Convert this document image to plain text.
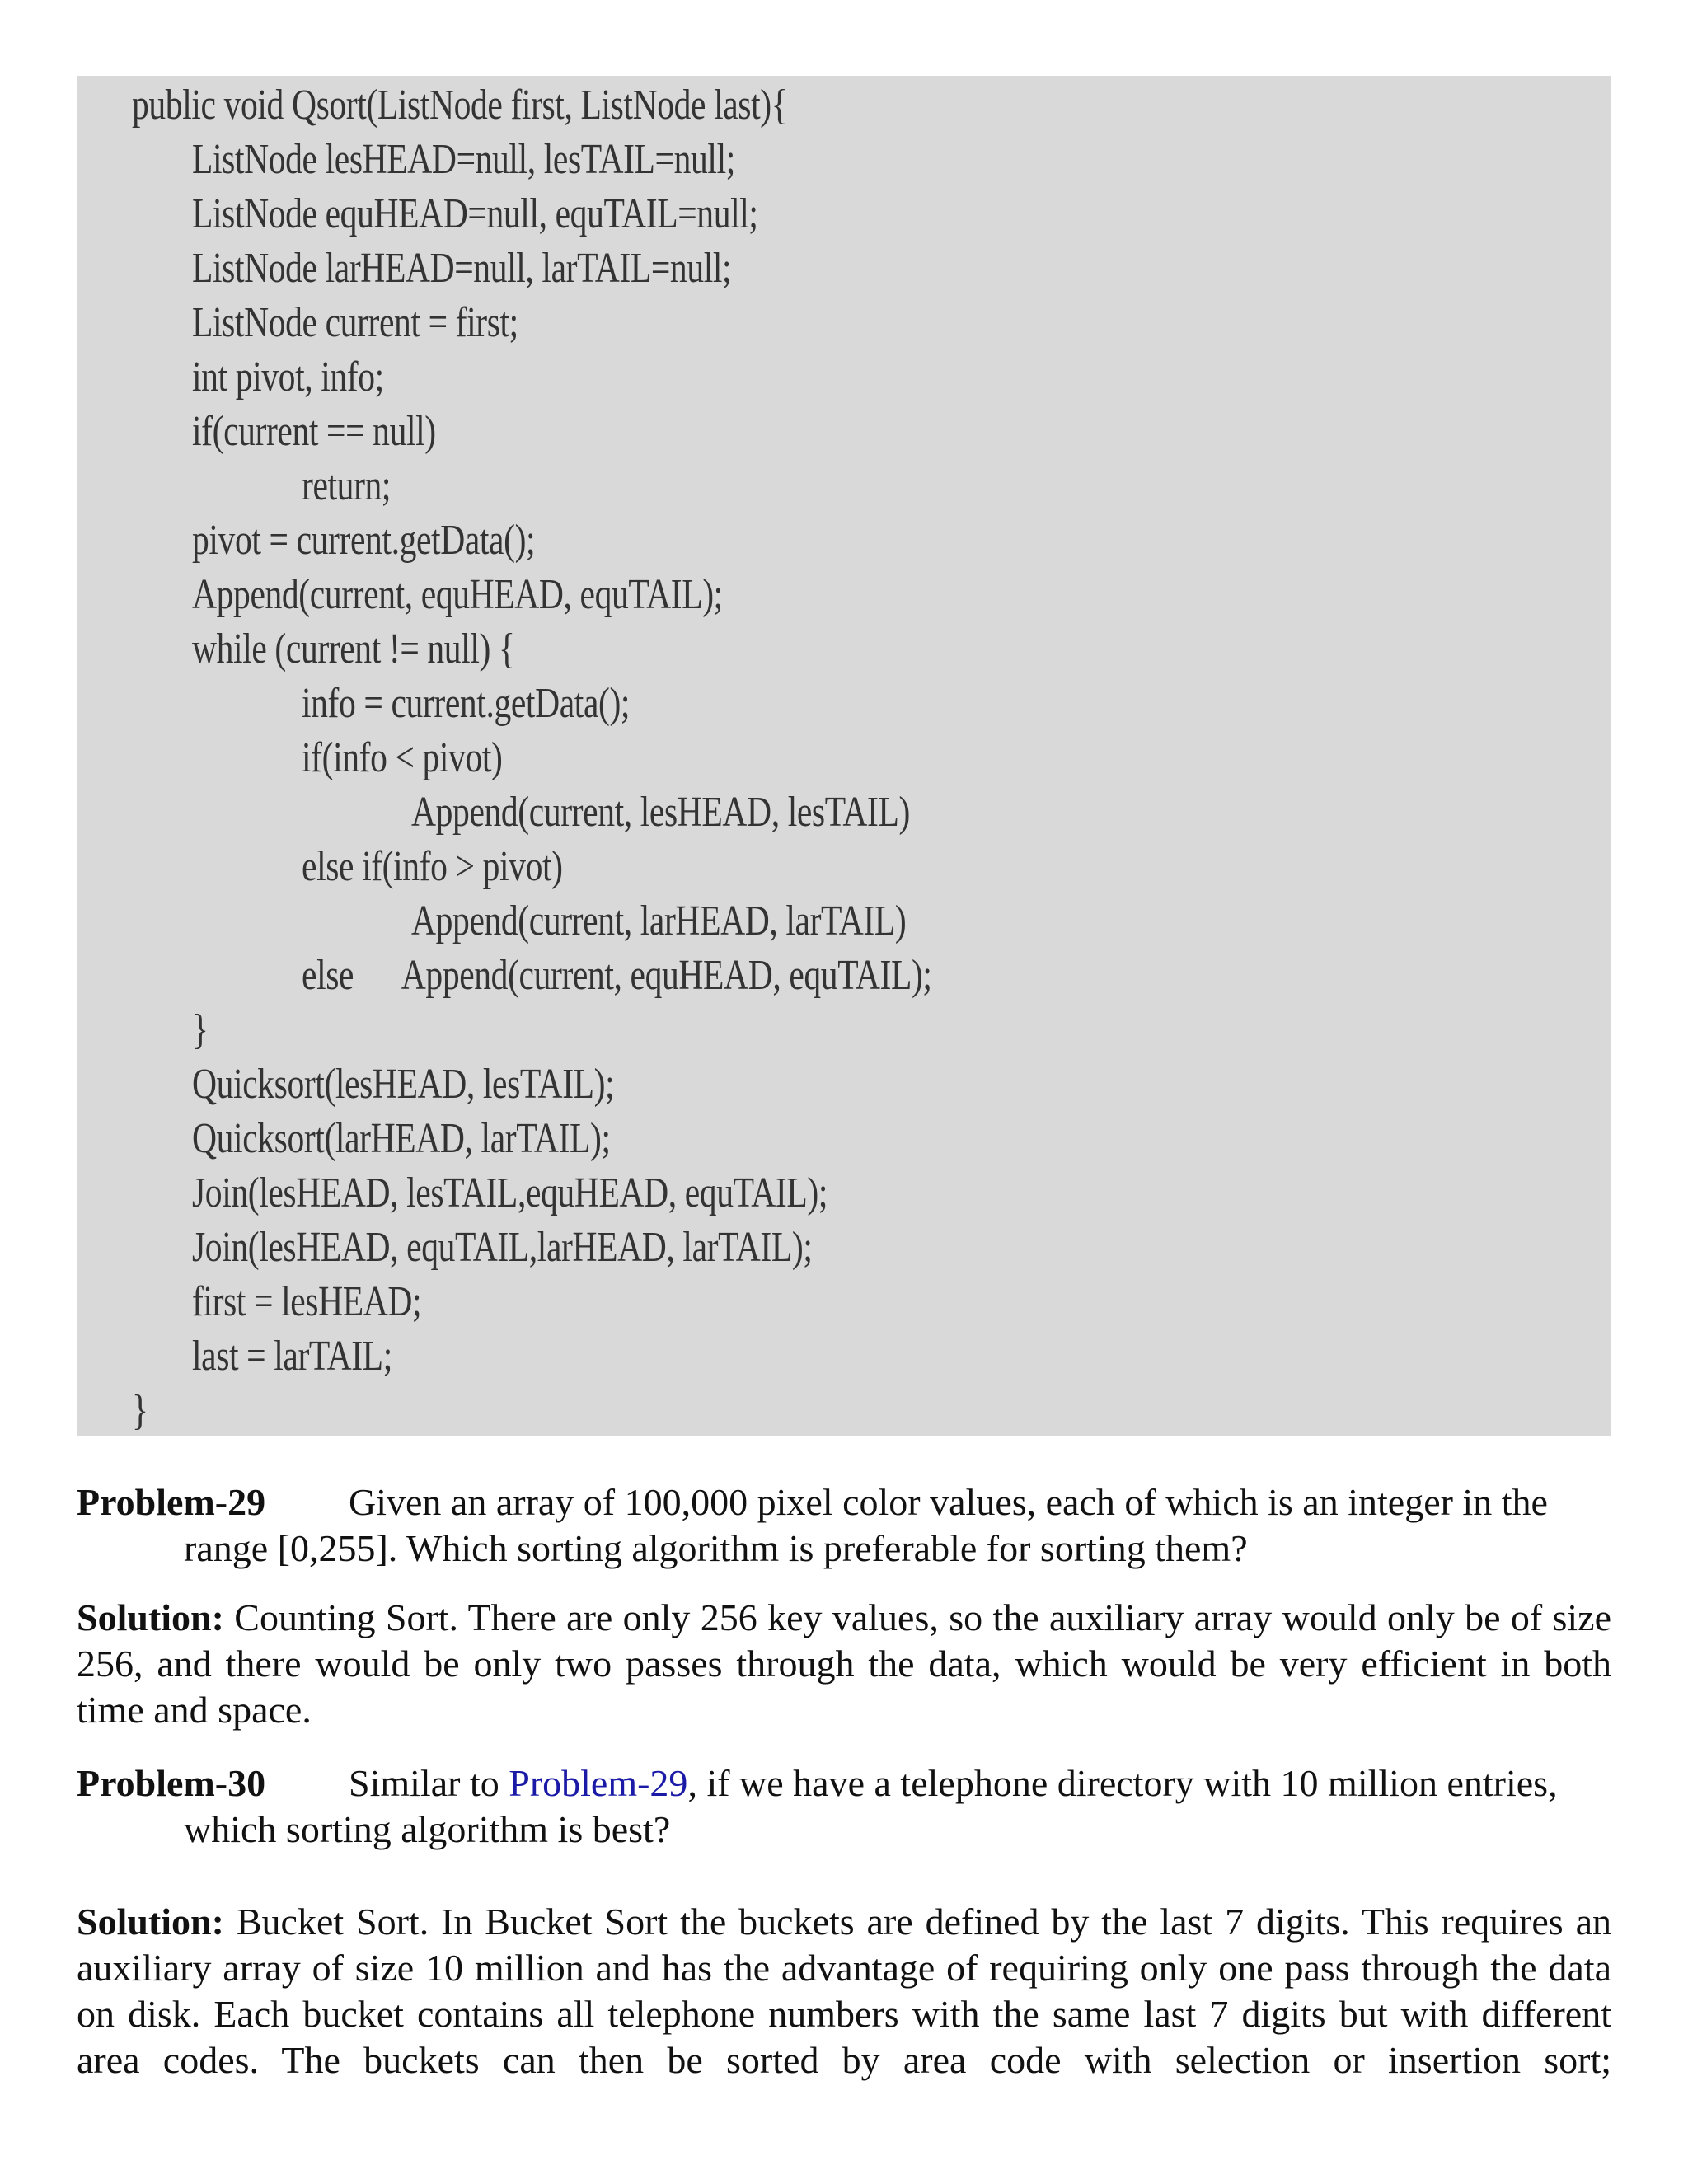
public void Qsort(ListNode first, ListNode last){
ListNode lesHEAD=null, lesTAIL=null;
ListNode equHEAD=null, equTAIL=null;
ListNode larHEAD=null, larTAIL=null;
ListNode current = first;
int pivot, info;
if(current == null)
return;
pivot = current.getData();
Append(current, equHEAD, equTAIL);
while (current != null) {
info = current.getData();
if(info < pivot)
Append(current, lesHEAD, lesTAIL)
else if(info > pivot)
Append(current, larHEAD, larTAIL)
else      Append(current, equHEAD, equTAIL);
}
Quicksort(lesHEAD, lesTAIL);
Quicksort(larHEAD, larTAIL);
Join(lesHEAD, lesTAIL,equHEAD, equTAIL);
Join(lesHEAD, equTAIL,larHEAD, larTAIL);
first = lesHEAD;
last = larTAIL;
}

Problem-29 Given an array of 100,000 pixel color values, each of which is an integer in the

range [0,255]. Which sorting algorithm is preferable for sorting them?

Solution: Counting Sort. There are only 256 key values, so the auxiliary array would only be of size 256, and there would be only two passes through the data, which would be very efficient in both time and space.

Problem-30 Similar to Problem-29, if we have a telephone directory with 10 million entries,

which sorting algorithm is best?

Solution: Bucket Sort. In Bucket Sort the buckets are defined by the last 7 digits. This requires an auxiliary array of size 10 million and has the advantage of requiring only one pass through the data on disk. Each bucket contains all telephone numbers with the same last 7 digits but with different area codes. The buckets can then be sorted by area code with selection or insertion sort;
